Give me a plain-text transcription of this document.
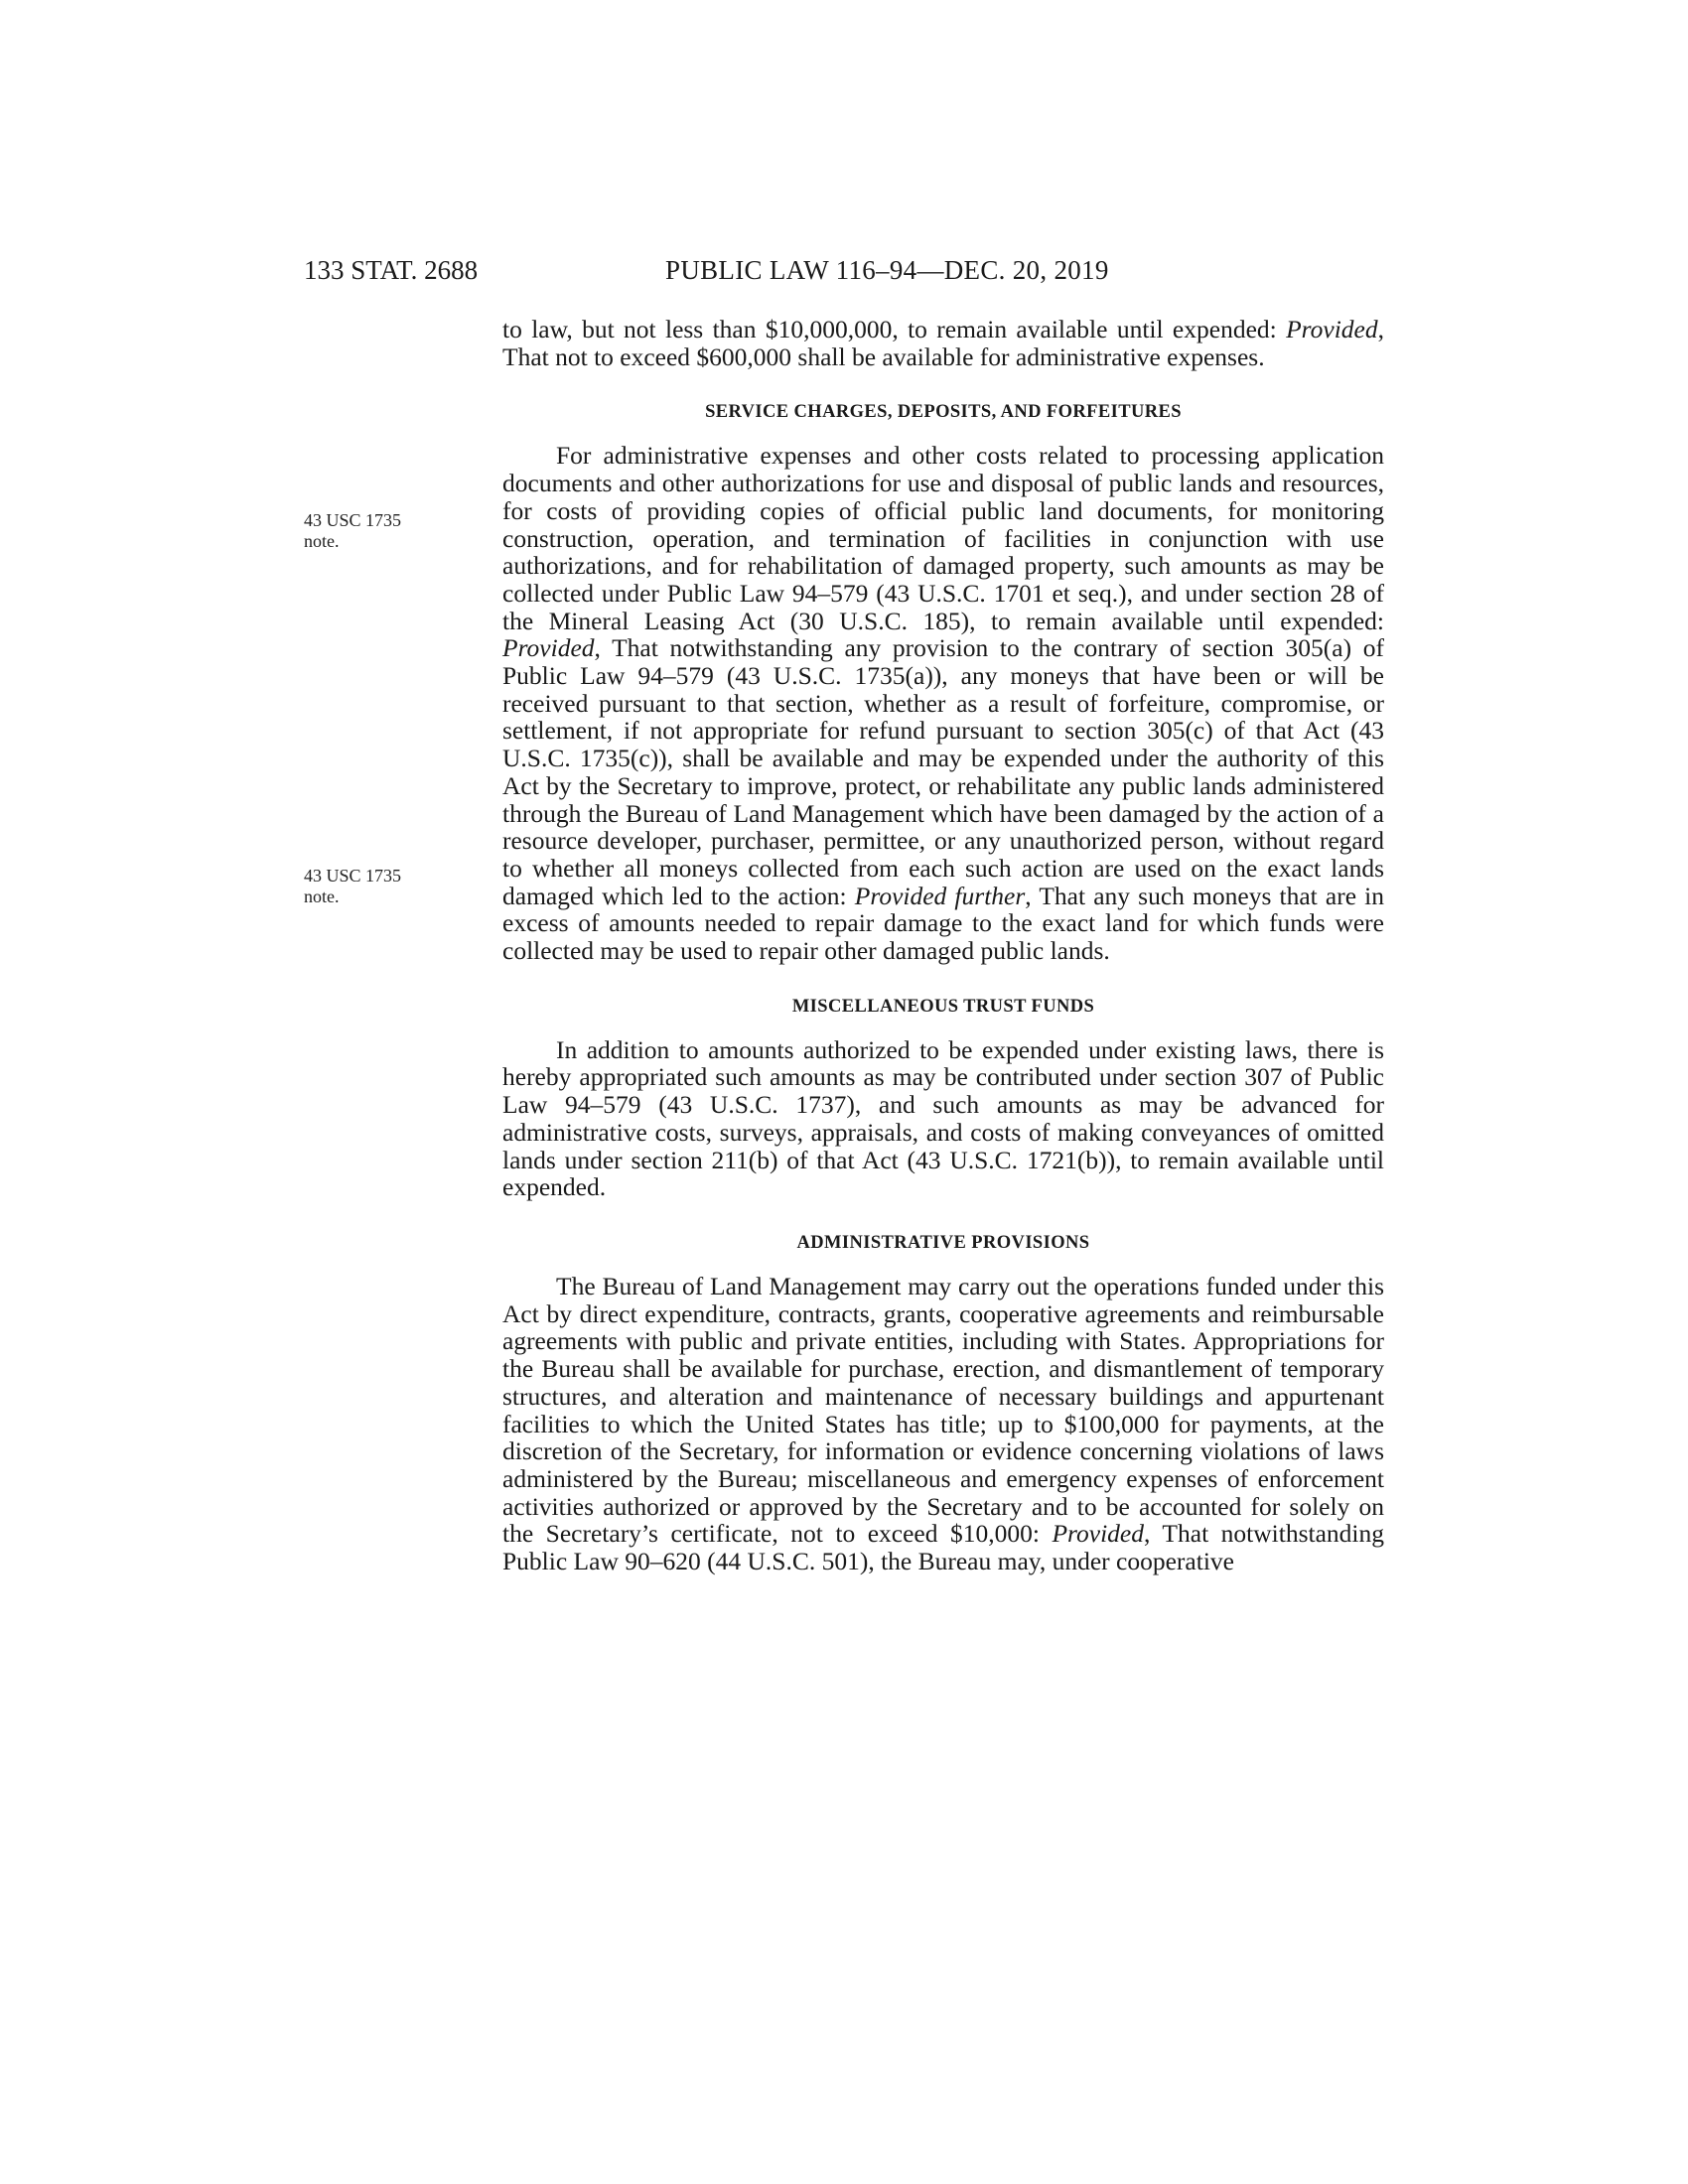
133 STAT. 2688	PUBLIC LAW 116–94—DEC. 20, 2019
43 USC 1735
note.
43 USC 1735
note.

to law, but not less than $10,000,000, to remain available until expended: Provided, That not to exceed $600,000 shall be available for administrative expenses.

SERVICE CHARGES, DEPOSITS, AND FORFEITURES

For administrative expenses and other costs related to processing application documents and other authorizations for use and disposal of public lands and resources, for costs of providing copies of official public land documents, for monitoring construction, operation, and termination of facilities in conjunction with use authorizations, and for rehabilitation of damaged property, such amounts as may be collected under Public Law 94–579 (43 U.S.C. 1701 et seq.), and under section 28 of the Mineral Leasing Act (30 U.S.C. 185), to remain available until expended: Provided, That notwithstanding any provision to the contrary of section 305(a) of Public Law 94–579 (43 U.S.C. 1735(a)), any moneys that have been or will be received pursuant to that section, whether as a result of forfeiture, compromise, or settlement, if not appropriate for refund pursuant to section 305(c) of that Act (43 U.S.C. 1735(c)), shall be available and may be expended under the authority of this Act by the Secretary to improve, protect, or rehabilitate any public lands administered through the Bureau of Land Management which have been damaged by the action of a resource developer, purchaser, permittee, or any unauthorized person, without regard to whether all moneys collected from each such action are used on the exact lands damaged which led to the action: Provided further, That any such moneys that are in excess of amounts needed to repair damage to the exact land for which funds were collected may be used to repair other damaged public lands.

MISCELLANEOUS TRUST FUNDS

In addition to amounts authorized to be expended under existing laws, there is hereby appropriated such amounts as may be contributed under section 307 of Public Law 94–579 (43 U.S.C. 1737), and such amounts as may be advanced for administrative costs, surveys, appraisals, and costs of making conveyances of omitted lands under section 211(b) of that Act (43 U.S.C. 1721(b)), to remain available until expended.

ADMINISTRATIVE PROVISIONS

The Bureau of Land Management may carry out the operations funded under this Act by direct expenditure, contracts, grants, cooperative agreements and reimbursable agreements with public and private entities, including with States. Appropriations for the Bureau shall be available for purchase, erection, and dismantlement of temporary structures, and alteration and maintenance of necessary buildings and appurtenant facilities to which the United States has title; up to $100,000 for payments, at the discretion of the Secretary, for information or evidence concerning violations of laws administered by the Bureau; miscellaneous and emergency expenses of enforcement activities authorized or approved by the Secretary and to be accounted for solely on the Secretary’s certificate, not to exceed $10,000: Provided, That notwithstanding Public Law 90–620 (44 U.S.C. 501), the Bureau may, under cooperative
